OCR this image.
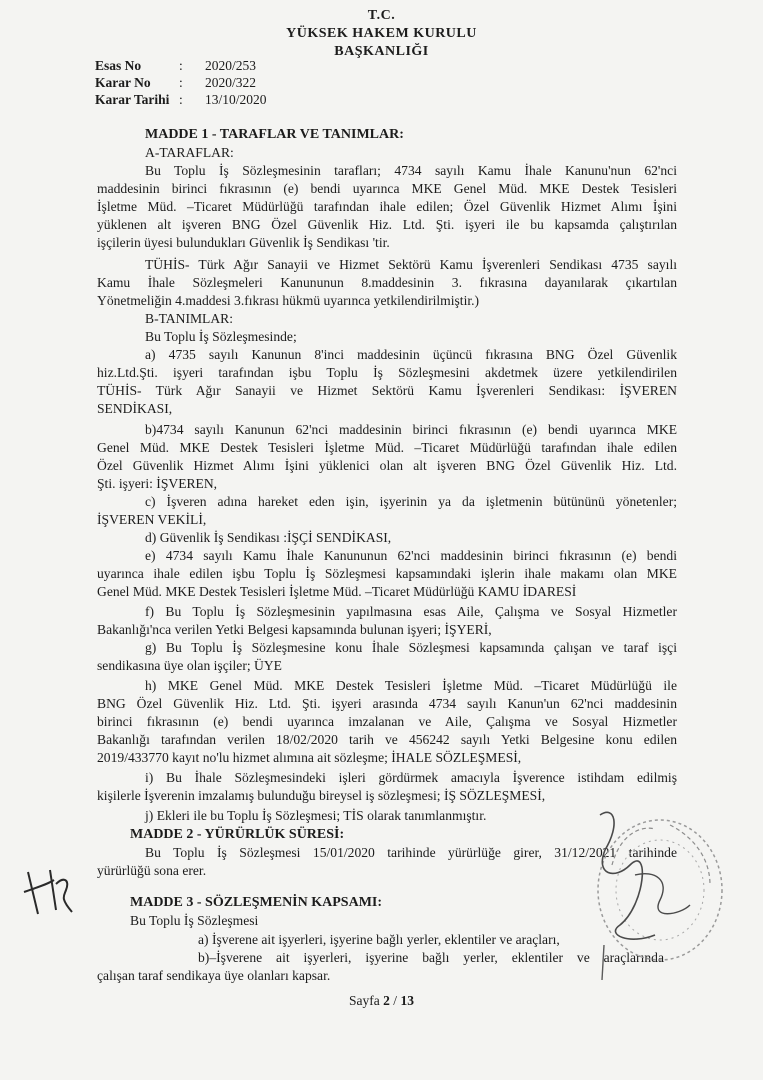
T.C.
YÜKSEK HAKEM KURULU
BAŞKANLIĞI
Esas No	: 2020/253
Karar No : 2020/322
Karar Tarihi : 13/10/2020
MADDE 1 - TARAFLAR VE TANIMLAR:
A-TARAFLAR:
Bu Toplu İş Sözleşmesinin tarafları; 4734 sayılı Kamu İhale Kanunu'nun 62'nci
maddesinin birinci fıkrasının (e) bendi uyarınca MKE Genel Müd. MKE Destek Tesisleri
İşletme Müd. –Ticaret Müdürlüğü tarafından ihale edilen; Özel Güvenlik Hizmet Alımı İşini
yüklenen alt işveren BNG Özel Güvenlik Hiz. Ltd. Şti. işyeri ile bu kapsamda çalıştırılan
işçilerin üyesi bulundukları Güvenlik İş Sendikası 'tir.
TÜHİS- Türk Ağır Sanayii ve Hizmet Sektörü Kamu İşverenleri Sendikası 4735 sayılı
Kamu İhale Sözleşmeleri Kanununun 8.maddesinin 3. fıkrasına dayanılarak çıkartılan
Yönetmeliğin 4.maddesi 3.fıkrası hükmü uyarınca yetkilendirilmiştir.)
B-TANIMLAR:
Bu Toplu İş Sözleşmesinde;
a) 4735 sayılı Kanunun 8'inci maddesinin üçüncü fıkrasına BNG Özel Güvenlik
hiz.Ltd.Şti. işyeri tarafından işbu Toplu İş Sözleşmesini akdetmek üzere yetkilendirilen
TÜHİS- Türk Ağır Sanayii ve Hizmet Sektörü Kamu İşverenleri Sendikası: İŞVEREN
SENDİKASI,
b)4734 sayılı Kanunun 62'nci maddesinin birinci fıkrasının (e) bendi uyarınca MKE
Genel Müd. MKE Destek Tesisleri İşletme Müd. –Ticaret Müdürlüğü tarafından ihale edilen
Özel Güvenlik Hizmet Alımı İşini yüklenici olan alt işveren BNG Özel Güvenlik Hiz. Ltd.
Şti. işyeri: İŞVEREN,
c) İşveren adına hareket eden işin, işyerinin ya da işletmenin bütününü yönetenler;
İŞVEREN VEKİLİ,
d) Güvenlik İş Sendikası :İŞÇİ SENDİKASI,
e) 4734 sayılı Kamu İhale Kanununun 62'nci maddesinin birinci fıkrasının (e) bendi
uyarınca ihale edilen işbu Toplu İş Sözleşmesi kapsamındaki işlerin ihale makamı olan MKE
Genel Müd. MKE Destek Tesisleri İşletme Müd. –Ticaret Müdürlüğü KAMU İDARESİ
f) Bu Toplu İş Sözleşmesinin yapılmasına esas Aile, Çalışma ve Sosyal Hizmetler
Bakanlığı'nca verilen Yetki Belgesi kapsamında bulunan işyeri; İŞYERİ,
g) Bu Toplu İş Sözleşmesine konu İhale Sözleşmesi kapsamında çalışan ve taraf işçi
sendikasına üye olan işçiler; ÜYE
h) MKE Genel Müd. MKE Destek Tesisleri İşletme Müd. –Ticaret Müdürlüğü ile
BNG Özel Güvenlik Hiz. Ltd. Şti. işyeri arasında 4734 sayılı Kanun'un 62'nci maddesinin
birinci fıkrasının (e) bendi uyarınca imzalanan ve Aile, Çalışma ve Sosyal Hizmetler
Bakanlığı tarafından verilen 18/02/2020 tarih ve 456242 sayılı Yetki Belgesine konu edilen
2019/433770 kayıt no'lu hizmet alımına ait sözleşme; İHALE SÖZLEŞMESİ,
i) Bu İhale Sözleşmesindeki işleri gördürmek amacıyla İşverence istihdam edilmiş
kişilerle İşverenin imzalamış bulunduğu bireysel iş sözleşmesi; İŞ SÖZLEŞMESİ,
j) Ekleri ile bu Toplu İş Sözleşmesi; TİS olarak tanımlanmıştır.
MADDE 2 - YÜRÜRLÜK SÜRESİ:
Bu Toplu İş Sözleşmesi 15/01/2020 tarihinde yürürlüğe girer, 31/12/2021 tarihinde
yürürlüğü sona erer.
MADDE 3 - SÖZLEŞMENİN KAPSAMI:
Bu Toplu İş Sözleşmesi
a) İşverene ait işyerleri, işyerine bağlı yerler, eklentiler ve araçları,
b)–İşverene ait işyerleri, işyerine bağlı yerler, eklentiler ve araçlarında
çalışan taraf sendikaya üye olanları kapsar.
Sayfa 2 / 13
